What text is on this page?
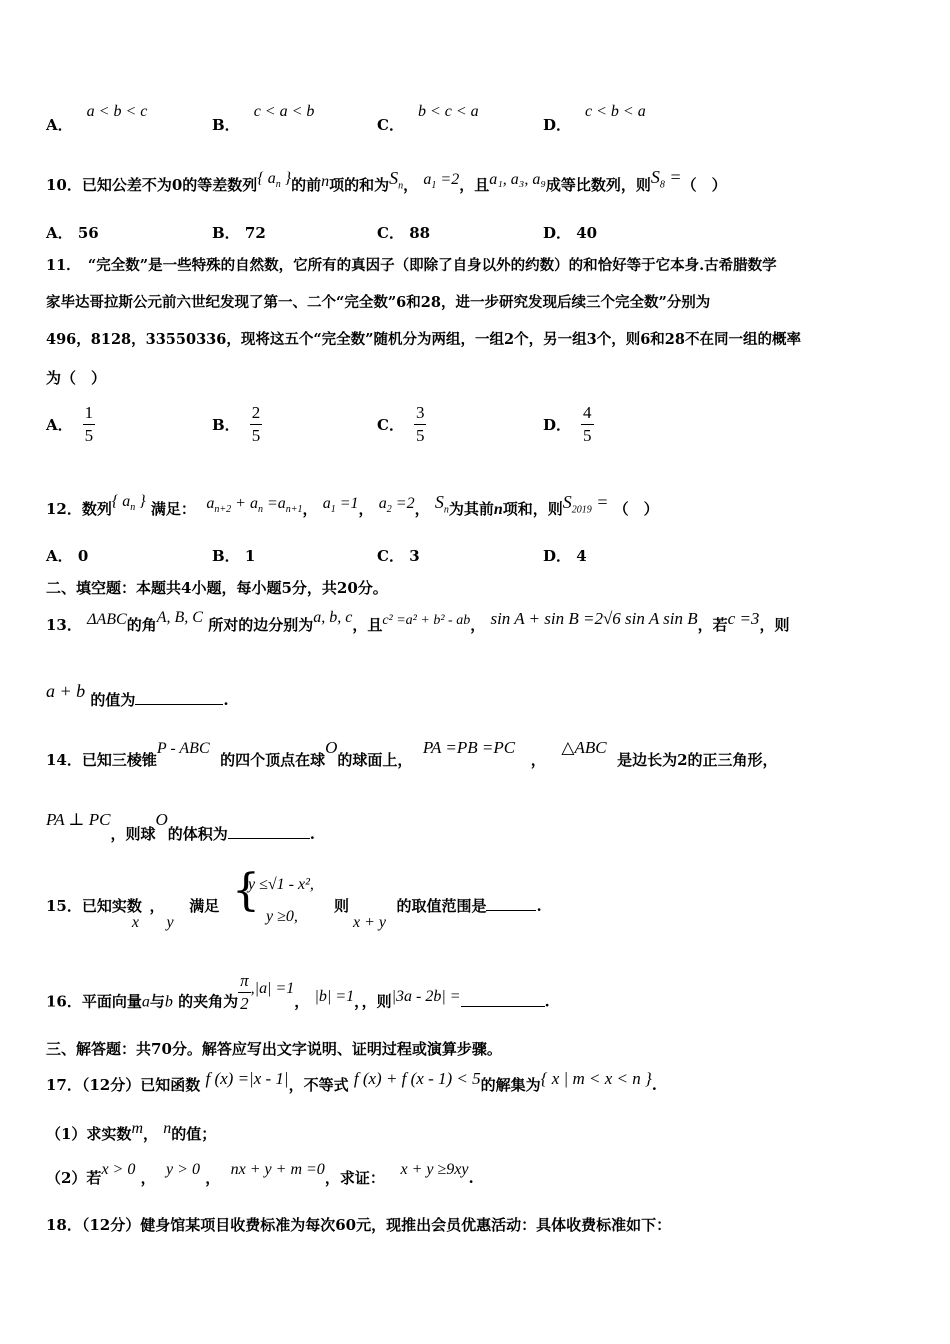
A．a < b < c
B．c < a < b
C．b < c < a
D．c < b < a
10．已知公差不为0的等差数列{ $a_n$ }的前n项的和为$S_n$， $a_1 =2$，且a₁, a₃, a₉成等比数列，则$S_8$ =（　）
A． 56	B． 72	C． 88	D． 40
11．　“完全数”是一些特殊的自然数，它所有的真因子（即除了自身以外的约数）的和恰好等于它本身.古希腊数学
家毕达哥拉斯公元前六世纪发现了第一、二个“完全数”6和28，进一步研究发现后续三个完全数”分别为
496，8128，33550336，现将这五个“完全数”随机分为两组，一组2个，另一组3个，则6和28不在同一组的概率
为（　）
A． $\frac{1}{5}$	B． $\frac{2}{5}$	C． $\frac{3}{5}$	D． $\frac{4}{5}$
12．数列{ $a_n$ } 满足： $a_{n+2} + a_n =a_{n+1}$， $a_1 =1$， $a_2 =2$， $S_n$为其前n项和，则$S_{2019}$ = （　）
A． 0	B． 1	C． 3	D． 4
二、填空题：本题共4小题，每小题5分，共20分。
13． ΔABC的角A, B, C 所对的边分别为a, b, c，且c² =a² + b² - ab， sin A + sin B =2√6 sin A sin B，若c =3，则
a + b 的值为	.
14．已知三棱锥P - ABC  的四个顶点在球O的球面上，  PA =PB =PC   ，   △ABC  是边长为2的正三角形，
PA ⊥ PC，则球O的体积为	.
15．已知实数x  ，y   满足 {
y ≤√1 - x²,
y ≥0,
则x + y  的取值范围是	.
16．平面向量a与b 的夹角为 $\frac{\pi}{2} ,|a| =1$， |b| =1，，则|3a - 2b| =	.
三、解答题：共70分。解答应写出文字说明、证明过程或演算步骤。
17．（12分）已知函数 f (x) =|x - 1|，不等式 f (x) + f (x - 1) < 5的解集为{ x | m < x < n }.
（1）求实数m， n的值；
（2）若x > 0 ， y > 0 ， nx + y + m =0，求证： x + y ≥9xy.
18．（12分）健身馆某项目收费标准为每次60元，现推出会员优惠活动：具体收费标准如下：
